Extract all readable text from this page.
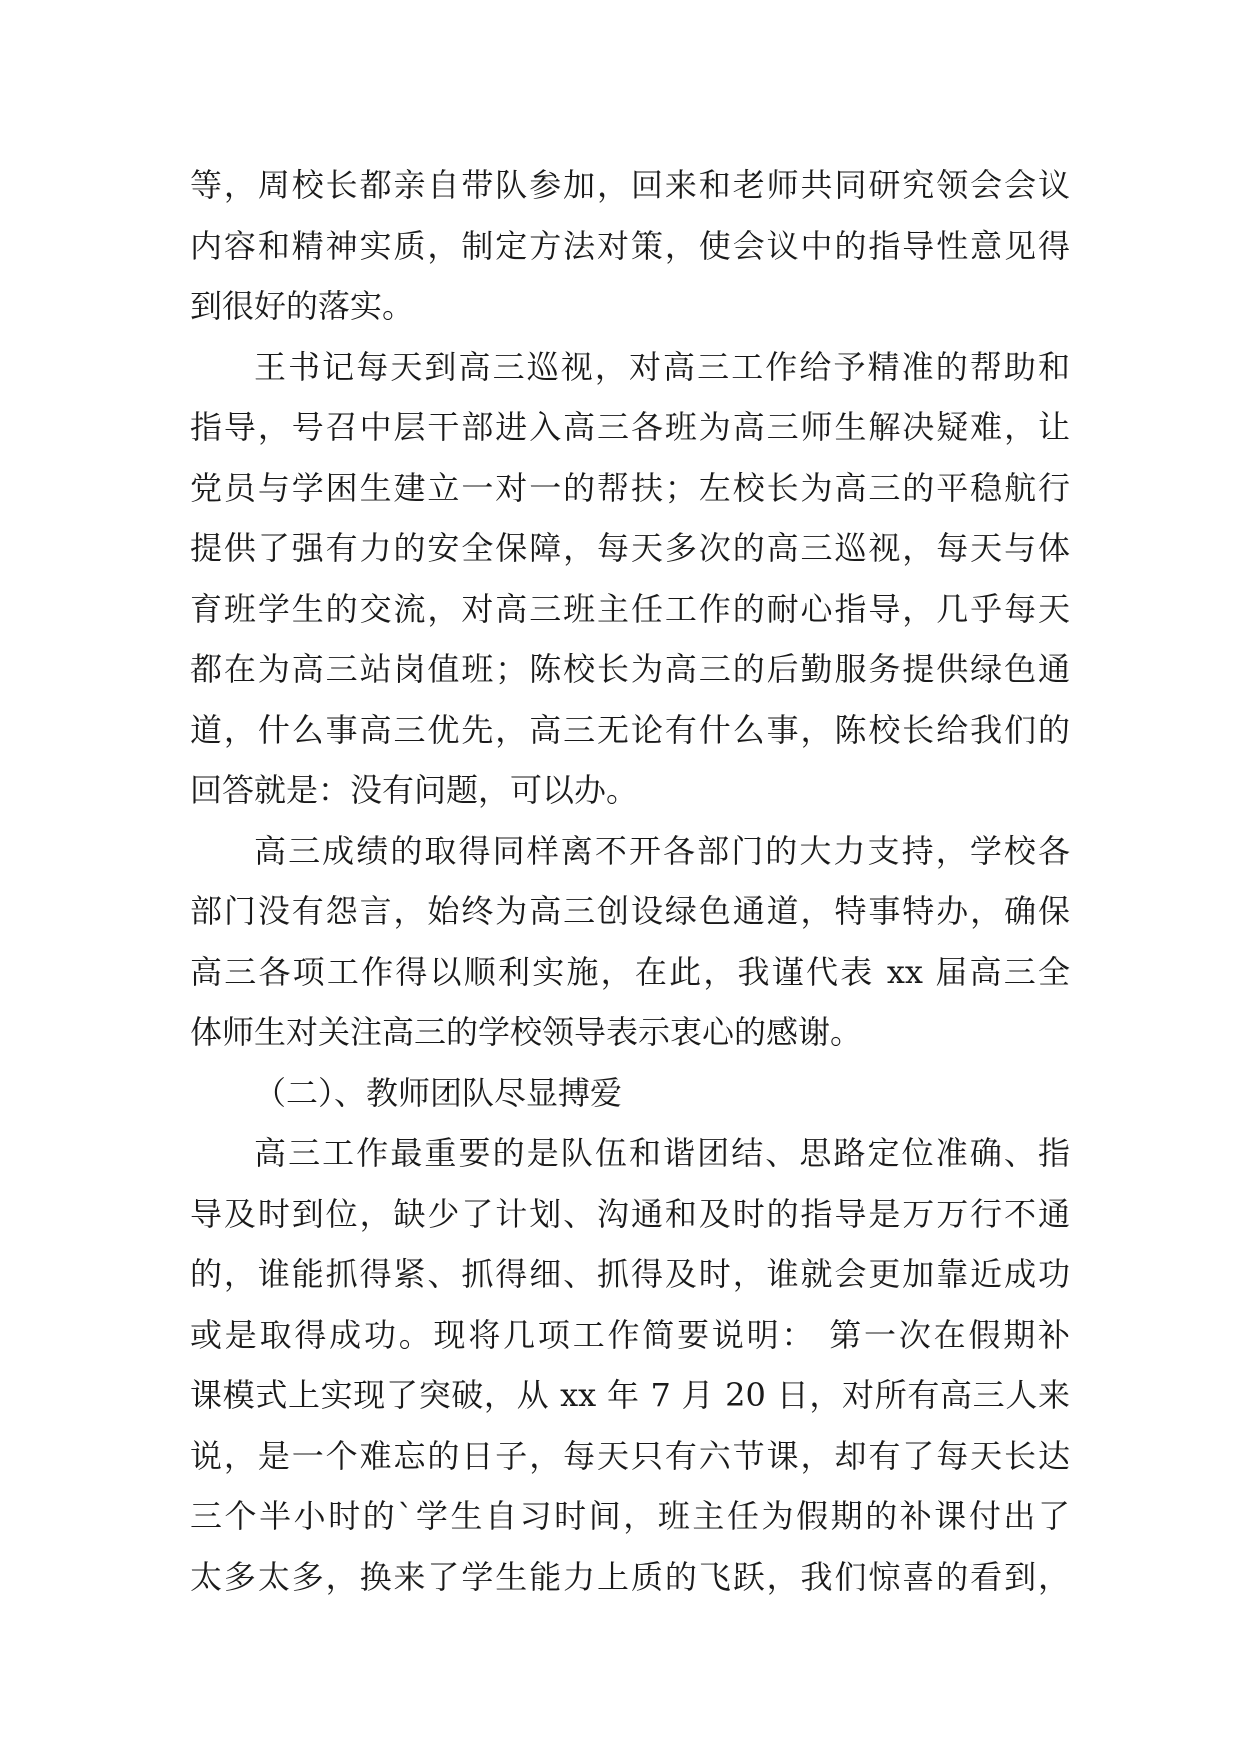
等，周校长都亲自带队参加，回来和老师共同研究领会会议
内容和精神实质，制定方法对策，使会议中的指导性意见得
到很好的落实。
王书记每天到高三巡视，对高三工作给予精准的帮助和
指导，号召中层干部进入高三各班为高三师生解决疑难，让
党员与学困生建立一对一的帮扶；左校长为高三的平稳航行
提供了强有力的安全保障，每天多次的高三巡视，每天与体
育班学生的交流，对高三班主任工作的耐心指导，几乎每天
都在为高三站岗值班；陈校长为高三的后勤服务提供绿色通
道，什么事高三优先，高三无论有什么事，陈校长给我们的
回答就是：没有问题，可以办。
高三成绩的取得同样离不开各部门的大力支持，学校各
部门没有怨言，始终为高三创设绿色通道，特事特办，确保
高三各项工作得以顺利实施，在此，我谨代表 xx 届高三全
体师生对关注高三的学校领导表示衷心的感谢。
（二）、教师团队尽显搏爱
高三工作最重要的是队伍和谐团结、思路定位准确、指
导及时到位，缺少了计划、沟通和及时的指导是万万行不通
的，谁能抓得紧、抓得细、抓得及时，谁就会更加靠近成功
或是取得成功。现将几项工作简要说明： 第一次在假期补
课模式上实现了突破，从 xx 年 7 月 20 日，对所有高三人来
说，是一个难忘的日子，每天只有六节课，却有了每天长达
三个半小时的`学生自习时间，班主任为假期的补课付出了
太多太多，换来了学生能力上质的飞跃，我们惊喜的看到，
